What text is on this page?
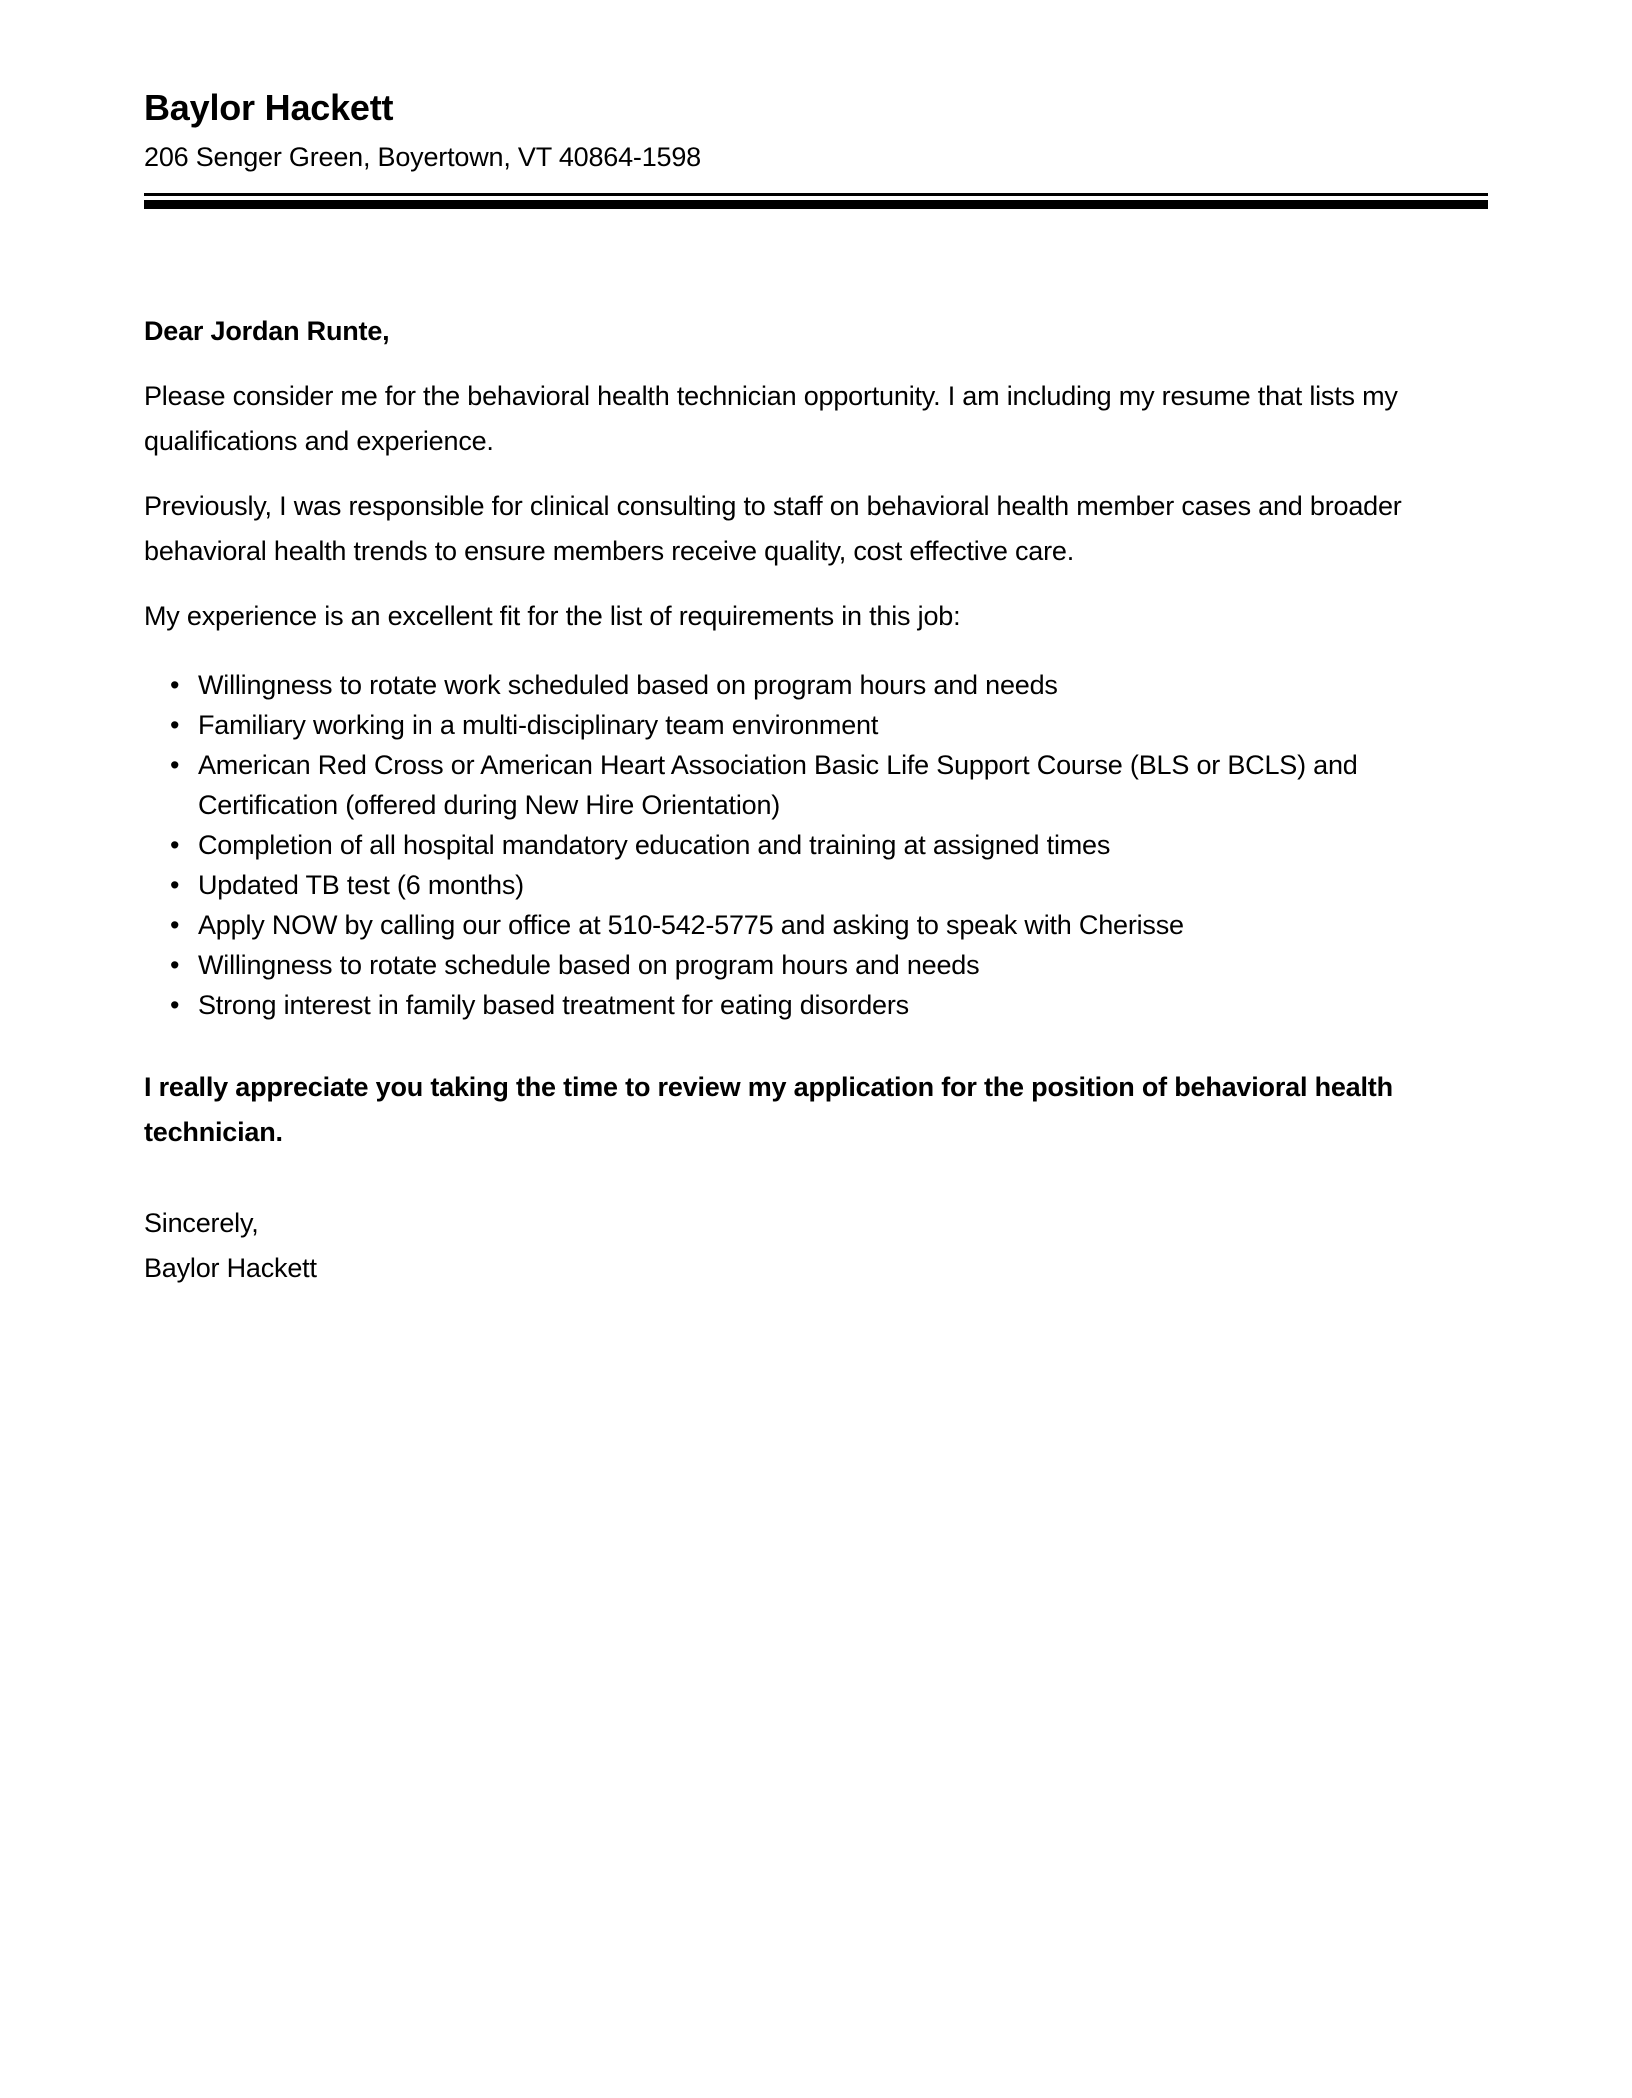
Baylor Hackett

206 Senger Green, Boyertown, VT 40864-1598

Dear Jordan Runte,

Please consider me for the behavioral health technician opportunity. I am including my resume that lists my qualifications and experience.

Previously, I was responsible for clinical consulting to staff on behavioral health member cases and broader behavioral health trends to ensure members receive quality, cost effective care.

My experience is an excellent fit for the list of requirements in this job:

• Willingness to rotate work scheduled based on program hours and needs
• Familiary working in a multi-disciplinary team environment
• American Red Cross or American Heart Association Basic Life Support Course (BLS or BCLS) and Certification (offered during New Hire Orientation)
• Completion of all hospital mandatory education and training at assigned times
• Updated TB test (6 months)
• Apply NOW by calling our office at 510-542-5775 and asking to speak with Cherisse
• Willingness to rotate schedule based on program hours and needs
• Strong interest in family based treatment for eating disorders

I really appreciate you taking the time to review my application for the position of behavioral health technician.

Sincerely,

Baylor Hackett
